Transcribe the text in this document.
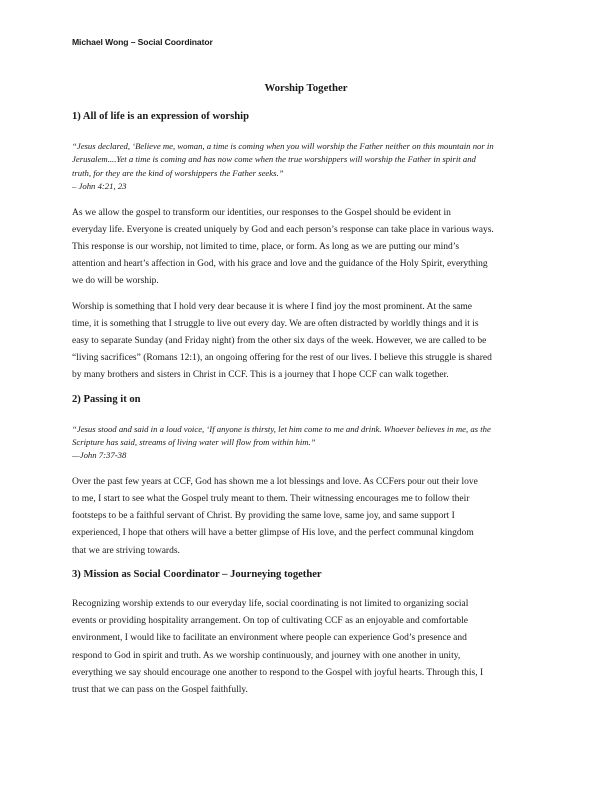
Michael Wong – Social Coordinator
Worship Together
1) All of life is an expression of worship
“Jesus declared, ‘Believe me, woman, a time is coming when you will worship the Father neither on this mountain nor in
Jerusalem....Yet a time is coming and has now come when the true worshippers will worship the Father in spirit and
truth, for they are the kind of worshippers the Father seeks.”
– John 4:21, 23
As we allow the gospel to transform our identities, our responses to the Gospel should be evident in
everyday life. Everyone is created uniquely by God and each person’s response can take place in various ways.
This response is our worship, not limited to time, place, or form. As long as we are putting our mind’s
attention and heart’s affection in God, with his grace and love and the guidance of the Holy Spirit, everything
we do will be worship.
Worship is something that I hold very dear because it is where I find joy the most prominent. At the same
time, it is something that I struggle to live out every day. We are often distracted by worldly things and it is
easy to separate Sunday (and Friday night) from the other six days of the week. However, we are called to be
“living sacrifices” (Romans 12:1), an ongoing offering for the rest of our lives. I believe this struggle is shared
by many brothers and sisters in Christ in CCF. This is a journey that I hope CCF can walk together.
2) Passing it on
“Jesus stood and said in a loud voice, ‘If anyone is thirsty, let him come to me and drink. Whoever believes in me, as the
Scripture has said, streams of living water will flow from within him.”
—John 7:37-38
Over the past few years at CCF, God has shown me a lot blessings and love. As CCFers pour out their love
to me, I start to see what the Gospel truly meant to them. Their witnessing encourages me to follow their
footsteps to be a faithful servant of Christ. By providing the same love, same joy, and same support I
experienced, I hope that others will have a better glimpse of His love, and the perfect communal kingdom
that we are striving towards.
3) Mission as Social Coordinator – Journeying together
Recognizing worship extends to our everyday life, social coordinating is not limited to organizing social
events or providing hospitality arrangement. On top of cultivating CCF as an enjoyable and comfortable
environment, I would like to facilitate an environment where people can experience God’s presence and
respond to God in spirit and truth. As we worship continuously, and journey with one another in unity,
everything we say should encourage one another to respond to the Gospel with joyful hearts. Through this, I
trust that we can pass on the Gospel faithfully.
